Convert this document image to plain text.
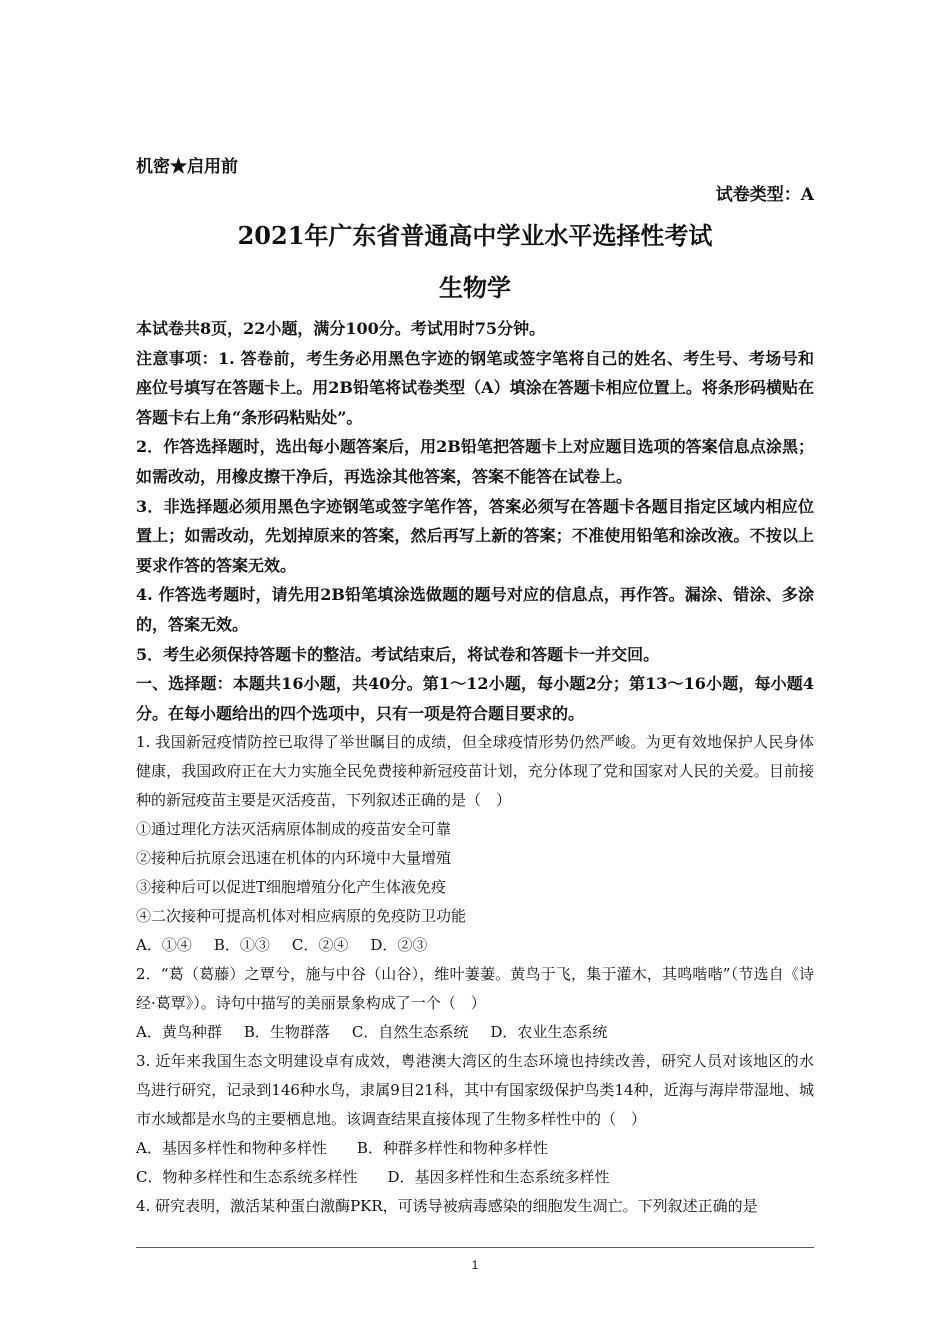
机密★启用前
试卷类型：A
2021年广东省普通高中学业水平选择性考试
生物学

本试卷共8页，22小题，满分100分。考试用时75分钟。

注意事项：1. 答卷前，考生务必用黑色字迹的钢笔或签字笔将自己的姓名、考生号、考场号和座位号填写在答题卡上。用2B铅笔将试卷类型（A）填涂在答题卡相应位置上。将条形码横贴在答题卡右上角“条形码粘贴处”。

2．作答选择题时，选出每小题答案后，用2B铅笔把答题卡上对应题目选项的答案信息点涂黑；如需改动，用橡皮擦干净后，再选涂其他答案，答案不能答在试卷上。

3．非选择题必须用黑色字迹钢笔或签字笔作答，答案必须写在答题卡各题目指定区域内相应位置上；如需改动，先划掉原来的答案，然后再写上新的答案；不准使用铅笔和涂改液。不按以上要求作答的答案无效。

4. 作答选考题时，请先用2B铅笔填涂选做题的题号对应的信息点，再作答。漏涂、错涂、多涂的，答案无效。

5．考生必须保持答题卡的整洁。考试结束后，将试卷和答题卡一并交回。

一、选择题：本题共16小题，共40分。第1～12小题，每小题2分；第13～16小题，每小题4分。在每小题给出的四个选项中，只有一项是符合题目要求的。

1. 我国新冠疫情防控已取得了举世瞩目的成绩，但全球疫情形势仍然严峻。为更有效地保护人民身体健康，我国政府正在大力实施全民免费接种新冠疫苗计划，充分体现了党和国家对人民的关爱。目前接种的新冠疫苗主要是灭活疫苗，下列叙述正确的是（　）

①通过理化方法灭活病原体制成的疫苗安全可靠

②接种后抗原会迅速在机体的内环境中大量增殖

③接种后可以促进T细胞增殖分化产生体液免疫

④二次接种可提高机体对相应病原的免疫防卫功能

A．①④ B．①③ C．②④ D．②③

2．“葛（葛藤）之覃兮，施与中谷（山谷），维叶萋萋。黄鸟于飞，集于灌木，其鸣喈喈”（节选自《诗经·葛覃》）。诗句中描写的美丽景象构成了一个（　）

A．黄鸟种群 B．生物群落 C．自然生态系统 D．农业生态系统

3. 近年来我国生态文明建设卓有成效，粤港澳大湾区的生态环境也持续改善，研究人员对该地区的水鸟进行研究，记录到146种水鸟，隶属9目21科，其中有国家级保护鸟类14种，近海与海岸带湿地、城市水域都是水鸟的主要栖息地。该调查结果直接体现了生物多样性中的（　）

A．基因多样性和物种多样性 B．种群多样性和物种多样性

C．物种多样性和生态系统多样性 D．基因多样性和生态系统多样性

4. 研究表明，激活某种蛋白激酶PKR，可诱导被病毒感染的细胞发生凋亡。下列叙述正确的是

1
